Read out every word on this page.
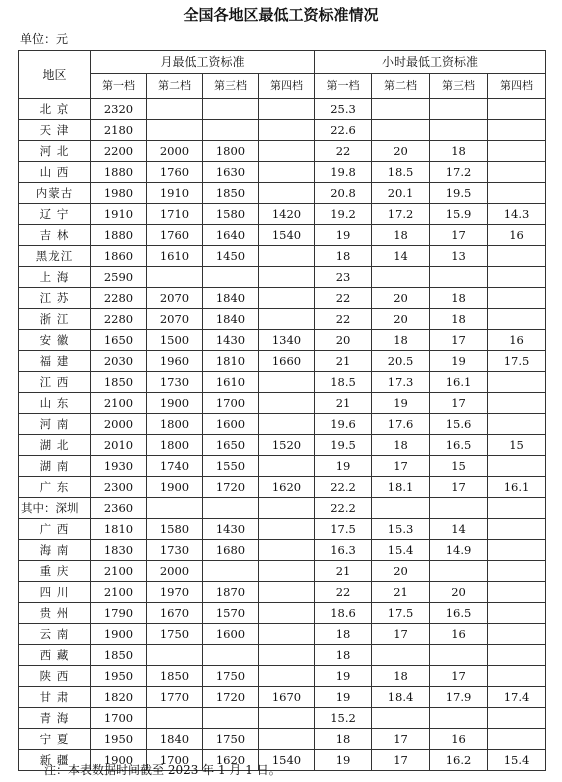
全国各地区最低工资标准情况
单位：元
地区	月最低工资标准				小时最低工资标准			
	第一档	第二档	第三档	第四档	第一档	第二档	第三档	第四档
北 京	2320				25.3			
天 津	2180				22.6			
河 北	2200	2000	1800		22	20	18	
山 西	1880	1760	1630		19.8	18.5	17.2	
内蒙古	1980	1910	1850		20.8	20.1	19.5	
辽 宁	1910	1710	1580	1420	19.2	17.2	15.9	14.3
吉 林	1880	1760	1640	1540	19	18	17	16
黑龙江	1860	1610	1450		18	14	13	
上 海	2590				23			
江 苏	2280	2070	1840		22	20	18	
浙 江	2280	2070	1840		22	20	18	
安 徽	1650	1500	1430	1340	20	18	17	16
福 建	2030	1960	1810	1660	21	20.5	19	17.5
江 西	1850	1730	1610		18.5	17.3	16.1	
山 东	2100	1900	1700		21	19	17	
河 南	2000	1800	1600		19.6	17.6	15.6	
湖 北	2010	1800	1650	1520	19.5	18	16.5	15
湖 南	1930	1740	1550		19	17	15	
广 东	2300	1900	1720	1620	22.2	18.1	17	16.1
其中：深圳	2360				22.2			
广 西	1810	1580	1430		17.5	15.3	14	
海 南	1830	1730	1680		16.3	15.4	14.9	
重 庆	2100	2000			21	20		
四 川	2100	1970	1870		22	21	20	
贵 州	1790	1670	1570		18.6	17.5	16.5	
云 南	1900	1750	1600		18	17	16	
西 藏	1850				18			
陕 西	1950	1850	1750		19	18	17	
甘 肃	1820	1770	1720	1670	19	18.4	17.9	17.4
青 海	1700				15.2			
宁 夏	1950	1840	1750		18	17	16	
新 疆	1900	1700	1620	1540	19	17	16.2	15.4
注：本表数据时间截至 2023 年 1 月 1 日。
